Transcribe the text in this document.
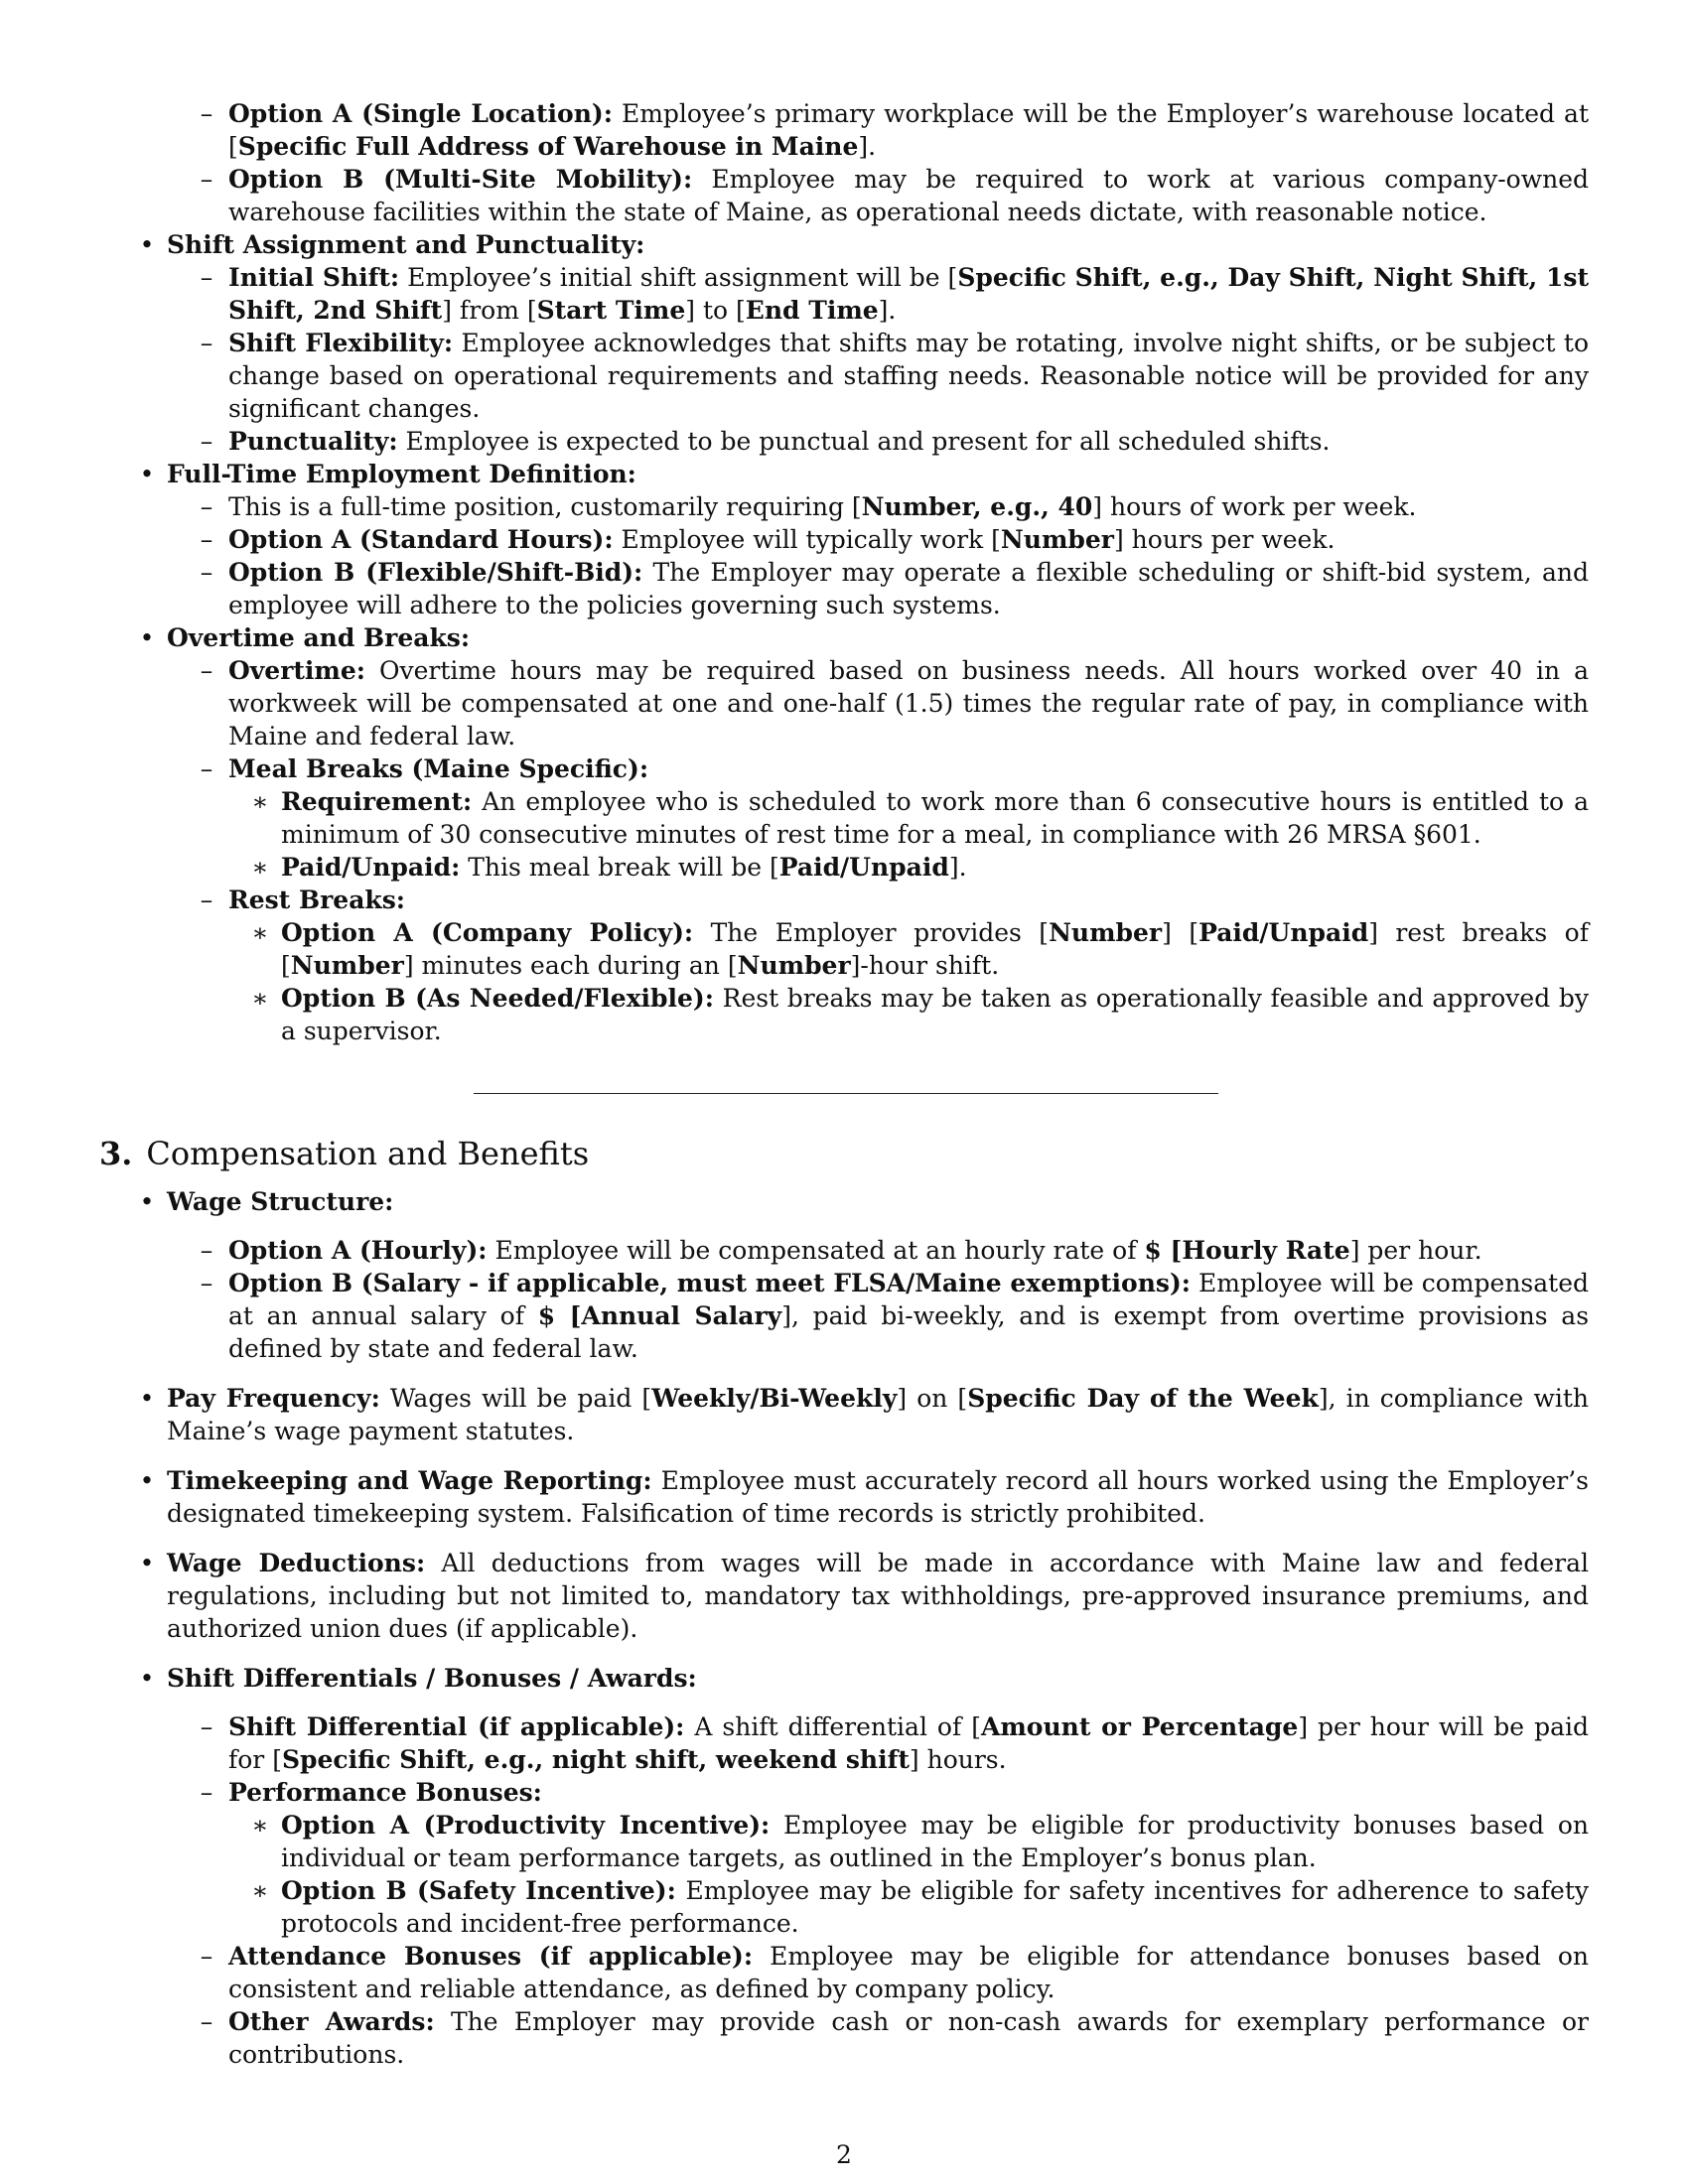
– Option A (Single Location): Employee’s primary workplace will be the Employer’s warehouse located at [Specific Full Address of Warehouse in Maine].

– Option B (Multi-Site Mobility): Employee may be required to work at various company-owned warehouse facilities within the state of Maine, as operational needs dictate, with reasonable notice.

• Shift Assignment and Punctuality:

– Initial Shift: Employee’s initial shift assignment will be [Specific Shift, e.g., Day Shift, Night Shift, 1st Shift, 2nd Shift] from [Start Time] to [End Time].

– Shift Flexibility: Employee acknowledges that shifts may be rotating, involve night shifts, or be subject to change based on operational requirements and staffing needs. Reasonable notice will be provided for any significant changes.

– Punctuality: Employee is expected to be punctual and present for all scheduled shifts.

• Full-Time Employment Definition:

– This is a full-time position, customarily requiring [Number, e.g., 40] hours of work per week.

– Option A (Standard Hours): Employee will typically work [Number] hours per week.

– Option B (Flexible/Shift-Bid): The Employer may operate a flexible scheduling or shift-bid system, and employee will adhere to the policies governing such systems.

• Overtime and Breaks:

– Overtime: Overtime hours may be required based on business needs. All hours worked over 40 in a workweek will be compensated at one and one-half (1.5) times the regular rate of pay, in compliance with Maine and federal law.

– Meal Breaks (Maine Specific):

∗ Requirement: An employee who is scheduled to work more than 6 consecutive hours is entitled to a minimum of 30 consecutive minutes of rest time for a meal, in compliance with 26 MRSA §601.

∗ Paid/Unpaid: This meal break will be [Paid/Unpaid].

– Rest Breaks:

∗ Option A (Company Policy): The Employer provides [Number] [Paid/Unpaid] rest breaks of [Number] minutes each during an [Number]-hour shift.

∗ Option B (As Needed/Flexible): Rest breaks may be taken as operationally feasible and approved by a supervisor.

3. Compensation and Benefits

• Wage Structure:

– Option A (Hourly): Employee will be compensated at an hourly rate of $ [Hourly Rate] per hour.

– Option B (Salary - if applicable, must meet FLSA/Maine exemptions): Employee will be compensated at an annual salary of $ [Annual Salary], paid bi-weekly, and is exempt from overtime provisions as defined by state and federal law.

• Pay Frequency: Wages will be paid [Weekly/Bi-Weekly] on [Specific Day of the Week], in compliance with Maine’s wage payment statutes.

• Timekeeping and Wage Reporting: Employee must accurately record all hours worked using the Employer’s designated timekeeping system. Falsification of time records is strictly prohibited.

• Wage Deductions: All deductions from wages will be made in accordance with Maine law and federal regulations, including but not limited to, mandatory tax withholdings, pre-approved insurance premiums, and authorized union dues (if applicable).

• Shift Differentials / Bonuses / Awards:

– Shift Differential (if applicable): A shift differential of [Amount or Percentage] per hour will be paid for [Specific Shift, e.g., night shift, weekend shift] hours.

– Performance Bonuses:

∗ Option A (Productivity Incentive): Employee may be eligible for productivity bonuses based on individual or team performance targets, as outlined in the Employer’s bonus plan.

∗ Option B (Safety Incentive): Employee may be eligible for safety incentives for adherence to safety protocols and incident-free performance.

– Attendance Bonuses (if applicable): Employee may be eligible for attendance bonuses based on consistent and reliable attendance, as defined by company policy.

– Other Awards: The Employer may provide cash or non-cash awards for exemplary performance or contributions.

2
